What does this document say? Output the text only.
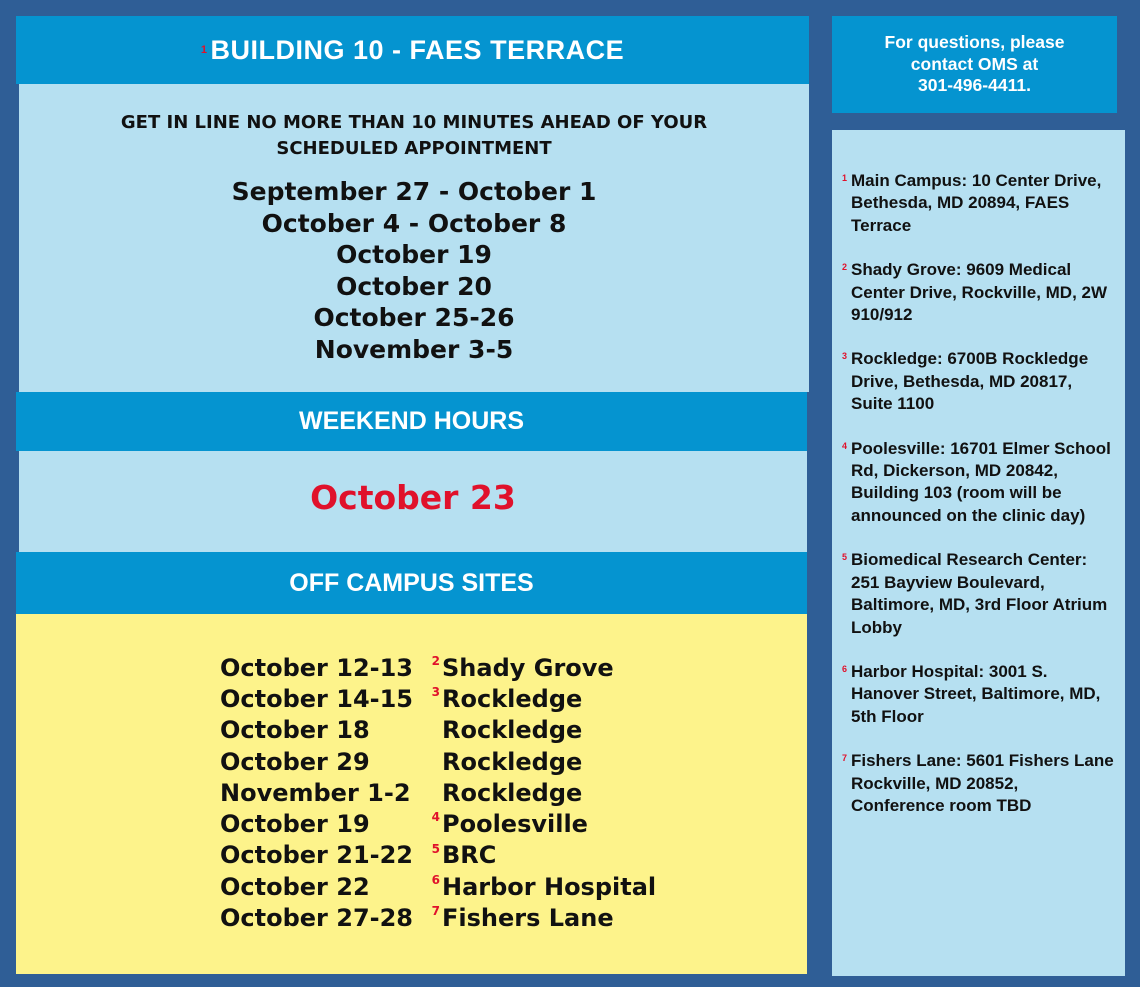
1 BUILDING 10 - FAES TERRACE
GET IN LINE NO MORE THAN 10 MINUTES AHEAD OF YOUR SCHEDULED APPOINTMENT
September 27 - October 1
October 4 - October 8
October 19
October 20
October 25-26
November 3-5
WEEKEND HOURS
October 23
OFF CAMPUS SITES
October 12-13	2 Shady Grove
October 14-15	3 Rockledge
October 18	Rockledge
October 29	Rockledge
November 1-2	Rockledge
October 19	4 Poolesville
October 21-22	5 BRC
October 22	6 Harbor Hospital
October 27-28	7 Fishers Lane
For questions, please
contact OMS at
301-496-4411.
1 Main Campus: 10 Center Drive, Bethesda, MD 20894, FAES Terrace
2 Shady Grove: 9609 Medical Center Drive, Rockville, MD, 2W 910/912
3 Rockledge: 6700B Rockledge Drive, Bethesda, MD 20817, Suite 1100
4 Poolesville: 16701 Elmer School Rd, Dickerson, MD 20842, Building 103 (room will be announced on the clinic day)
5 Biomedical Research Center: 251 Bayview Boulevard, Baltimore, MD, 3rd Floor Atrium Lobby
6 Harbor Hospital: 3001 S. Hanover Street, Baltimore, MD, 5th Floor
7 Fishers Lane: 5601 Fishers Lane Rockville, MD 20852, Conference room TBD
